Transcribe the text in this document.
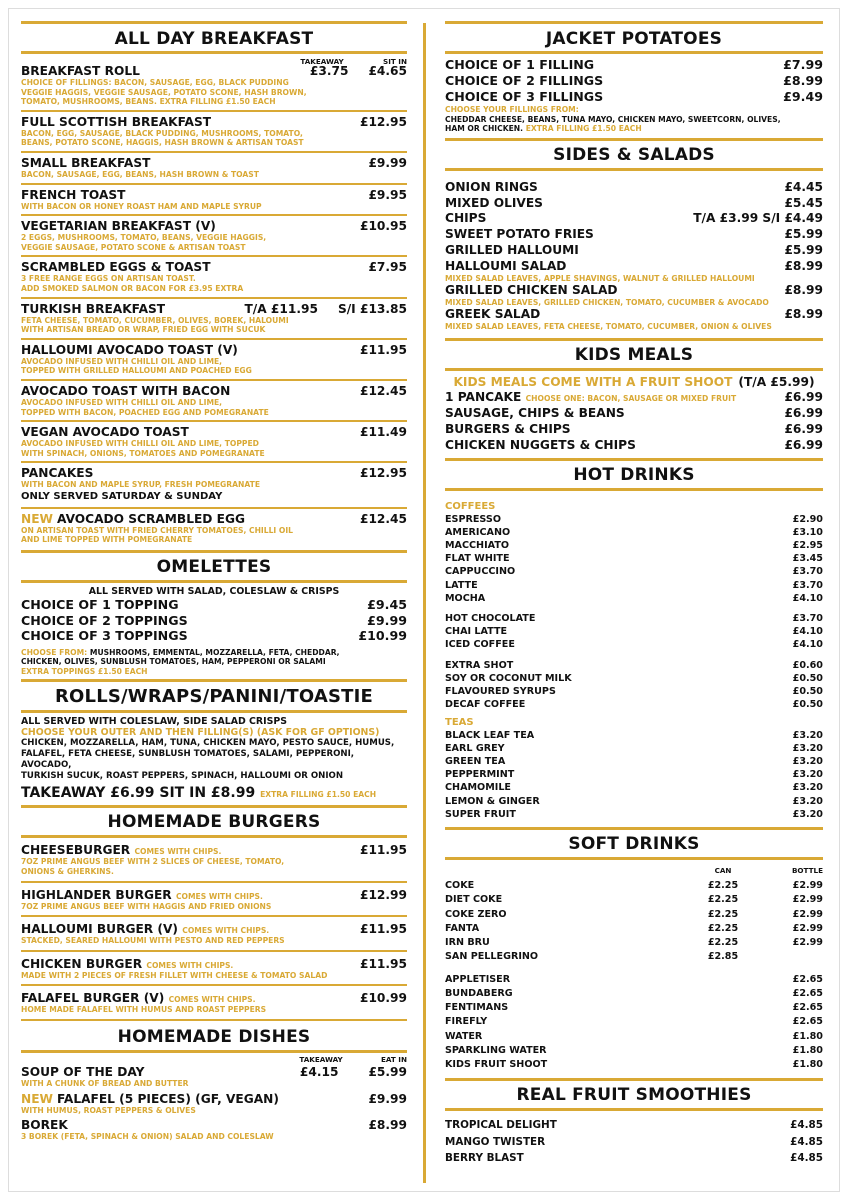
ALL DAY BREAKFAST
TAKEAWAY	SIT IN
BREAKFAST ROLL	£3.75 £4.65
CHOICE OF FILLINGS: BACON, SAUSAGE, EGG, BLACK PUDDING
VEGGIE HAGGIS, VEGGIE SAUSAGE, POTATO SCONE, HASH BROWN,
TOMATO, MUSHROOMS, BEANS. EXTRA FILLING £1.50 EACH
FULL SCOTTISH BREAKFAST	£12.95
BACON, EGG, SAUSAGE, BLACK PUDDING, MUSHROOMS, TOMATO,
BEANS, POTATO SCONE, HAGGIS, HASH BROWN & ARTISAN TOAST
SMALL BREAKFAST	£9.99
BACON, SAUSAGE, EGG, BEANS, HASH BROWN & TOAST
FRENCH TOAST	£9.95
WITH BACON OR HONEY ROAST HAM AND MAPLE SYRUP
VEGETARIAN BREAKFAST (V)	£10.95
2 EGGS, MUSHROOMS, TOMATO, BEANS, VEGGIE HAGGIS,
VEGGIE SAUSAGE, POTATO SCONE & ARTISAN TOAST
SCRAMBLED EGGS & TOAST	£7.95
3 FREE RANGE EGGS ON ARTISAN TOAST.
ADD SMOKED SALMON OR BACON FOR £3.95 EXTRA
TURKISH BREAKFAST	T/A £11.95 S/I £13.85
FETA CHEESE, TOMATO, CUCUMBER, OLIVES, BOREK, HALOUMI
WITH ARTISAN BREAD OR WRAP, FRIED EGG WITH SUCUK
HALLOUMI AVOCADO TOAST (V)	£11.95
AVOCADO INFUSED WITH CHILLI OIL AND LIME,
TOPPED WITH GRILLED HALLOUMI AND POACHED EGG
AVOCADO TOAST WITH BACON	£12.45
AVOCADO INFUSED WITH CHILLI OIL AND LIME,
TOPPED WITH BACON, POACHED EGG AND POMEGRANATE
VEGAN AVOCADO TOAST	£11.49
AVOCADO INFUSED WITH CHILLI OIL AND LIME, TOPPED
WITH SPINACH, ONIONS, TOMATOES AND POMEGRANATE
PANCAKES	£12.95
WITH BACON AND MAPLE SYRUP, FRESH POMEGRANATE
ONLY SERVED SATURDAY & SUNDAY
NEW AVOCADO SCRAMBLED EGG	£12.45
ON ARTISAN TOAST WITH FRIED CHERRY TOMATOES, CHILLI OIL
AND LIME TOPPED WITH POMEGRANATE
OMELETTES
ALL SERVED WITH SALAD, COLESLAW & CRISPS
CHOICE OF 1 TOPPING	£9.45
CHOICE OF 2 TOPPINGS	£9.99
CHOICE OF 3 TOPPINGS	£10.99
CHOOSE FROM: MUSHROOMS, EMMENTAL, MOZZARELLA, FETA, CHEDDAR,
CHICKEN, OLIVES, SUNBLUSH TOMATOES, HAM, PEPPERONI OR SALAMI
EXTRA TOPPINGS £1.50 EACH
ROLLS/WRAPS/PANINI/TOASTIE
ALL SERVED WITH COLESLAW, SIDE SALAD CRISPS
CHOOSE YOUR OUTER AND THEN FILLING(S) (ASK FOR GF OPTIONS)
CHICKEN, MOZZARELLA, HAM, TUNA, CHICKEN MAYO, PESTO SAUCE, HUMUS,
FALAFEL, FETA CHEESE, SUNBLUSH TOMATOES, SALAMI, PEPPERONI, AVOCADO,
TURKISH SUCUK, ROAST PEPPERS, SPINACH, HALLOUMI OR ONION
TAKEAWAY £6.99 SIT IN £8.99 EXTRA FILLING £1.50 EACH
HOMEMADE BURGERS
CHEESEBURGER COMES WITH CHIPS.	£11.95
7OZ PRIME ANGUS BEEF WITH 2 SLICES OF CHEESE, TOMATO,
ONIONS & GHERKINS.
HIGHLANDER BURGER COMES WITH CHIPS.	£12.99
7OZ PRIME ANGUS BEEF WITH HAGGIS AND FRIED ONIONS
HALLOUMI BURGER (V) COMES WITH CHIPS.	£11.95
STACKED, SEARED HALLOUMI WITH PESTO AND RED PEPPERS
CHICKEN BURGER COMES WITH CHIPS.	£11.95
MADE WITH 2 PIECES OF FRESH FILLET WITH CHEESE & TOMATO SALAD
FALAFEL BURGER (V) COMES WITH CHIPS.	£10.99
HOME MADE FALAFEL WITH HUMUS AND ROAST PEPPERS
HOMEMADE DISHES
TAKEAWAY	EAT IN
SOUP OF THE DAY	£4.15 £5.99
WITH A CHUNK OF BREAD AND BUTTER
NEW FALAFEL (5 PIECES) (GF, VEGAN)	£9.99
WITH HUMUS, ROAST PEPPERS & OLIVES
BOREK	£8.99
3 BOREK (FETA, SPINACH & ONION) SALAD AND COLESLAW
JACKET POTATOES
CHOICE OF 1 FILLING	£7.99
CHOICE OF 2 FILLINGS	£8.99
CHOICE OF 3 FILLINGS	£9.49
CHOOSE YOUR FILLINGS FROM:
CHEDDAR CHEESE, BEANS, TUNA MAYO, CHICKEN MAYO, SWEETCORN, OLIVES,
HAM OR CHICKEN. EXTRA FILLING £1.50 EACH
SIDES & SALADS
ONION RINGS	£4.45
MIXED OLIVES	£5.45
CHIPS	T/A £3.99 S/I £4.49
SWEET POTATO FRIES	£5.99
GRILLED HALLOUMI	£5.99
HALLOUMI SALAD	£8.99
MIXED SALAD LEAVES, APPLE SHAVINGS, WALNUT & GRILLED HALLOUMI
GRILLED CHICKEN SALAD	£8.99
MIXED SALAD LEAVES, GRILLED CHICKEN, TOMATO, CUCUMBER & AVOCADO
GREEK SALAD	£8.99
MIXED SALAD LEAVES, FETA CHEESE, TOMATO, CUCUMBER, ONION & OLIVES
KIDS MEALS
KIDS MEALS COME WITH A FRUIT SHOOT (T/A £5.99)
1 PANCAKE CHOOSE ONE: BACON, SAUSAGE OR MIXED FRUIT	£6.99
SAUSAGE, CHIPS & BEANS	£6.99
BURGERS & CHIPS	£6.99
CHICKEN NUGGETS & CHIPS	£6.99
HOT DRINKS
COFFEES
ESPRESSO	£2.90
AMERICANO	£3.10
MACCHIATO	£2.95
FLAT WHITE	£3.45
CAPPUCCINO	£3.70
LATTE	£3.70
MOCHA	£4.10
HOT CHOCOLATE	£3.70
CHAI LATTE	£4.10
ICED COFFEE	£4.10
EXTRA SHOT	£0.60
SOY OR COCONUT MILK	£0.50
FLAVOURED SYRUPS	£0.50
DECAF COFFEE	£0.50
TEAS
BLACK LEAF TEA	£3.20
EARL GREY	£3.20
GREEN TEA	£3.20
PEPPERMINT	£3.20
CHAMOMILE	£3.20
LEMON & GINGER	£3.20
SUPER FRUIT	£3.20
SOFT DRINKS
CAN	BOTTLE
COKE	£2.25	£2.99
DIET COKE	£2.25	£2.99
COKE ZERO	£2.25	£2.99
FANTA	£2.25	£2.99
IRN BRU	£2.25	£2.99
SAN PELLEGRINO	£2.85
APPLETISER	£2.65
BUNDABERG	£2.65
FENTIMANS	£2.65
FIREFLY	£2.65
WATER	£1.80
SPARKLING WATER	£1.80
KIDS FRUIT SHOOT	£1.80
REAL FRUIT SMOOTHIES
TROPICAL DELIGHT	£4.85
MANGO TWISTER	£4.85
BERRY BLAST	£4.85
